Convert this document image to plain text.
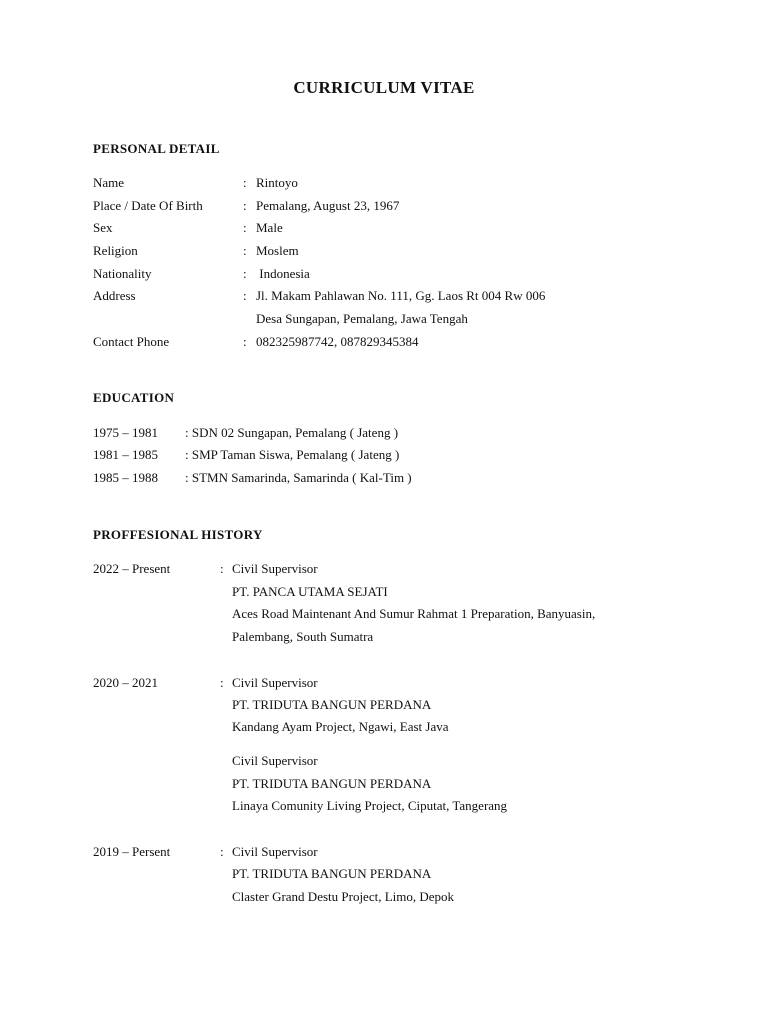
CURRICULUM VITAE
PERSONAL DETAIL
Name	: Rintoyo
Place / Date Of Birth	: Pemalang, August 23, 1967
Sex	: Male
Religion	: Moslem
Nationality	: Indonesia
Address	: Jl. Makam Pahlawan No. 111, Gg. Laos Rt 004 Rw 006
Desa Sungapan, Pemalang, Jawa Tengah
Contact Phone	: 082325987742, 087829345384
EDUCATION
1975 – 1981 : SDN 02 Sungapan, Pemalang ( Jateng )
1981 – 1985 : SMP Taman Siswa, Pemalang ( Jateng )
1985 – 1988 : STMN Samarinda, Samarinda ( Kal-Tim )
PROFFESIONAL HISTORY
2022 – Present	: Civil Supervisor
PT. PANCA UTAMA SEJATI
Aces Road Maintenant And Sumur Rahmat 1 Preparation, Banyuasin,
Palembang, South Sumatra
2020 – 2021	: Civil Supervisor
PT. TRIDUTA BANGUN PERDANA
Kandang Ayam Project, Ngawi, East Java
Civil Supervisor
PT. TRIDUTA BANGUN PERDANA
Linaya Comunity Living Project, Ciputat, Tangerang
2019 – Persent	: Civil Supervisor
PT. TRIDUTA BANGUN PERDANA
Claster Grand Destu Project, Limo, Depok
